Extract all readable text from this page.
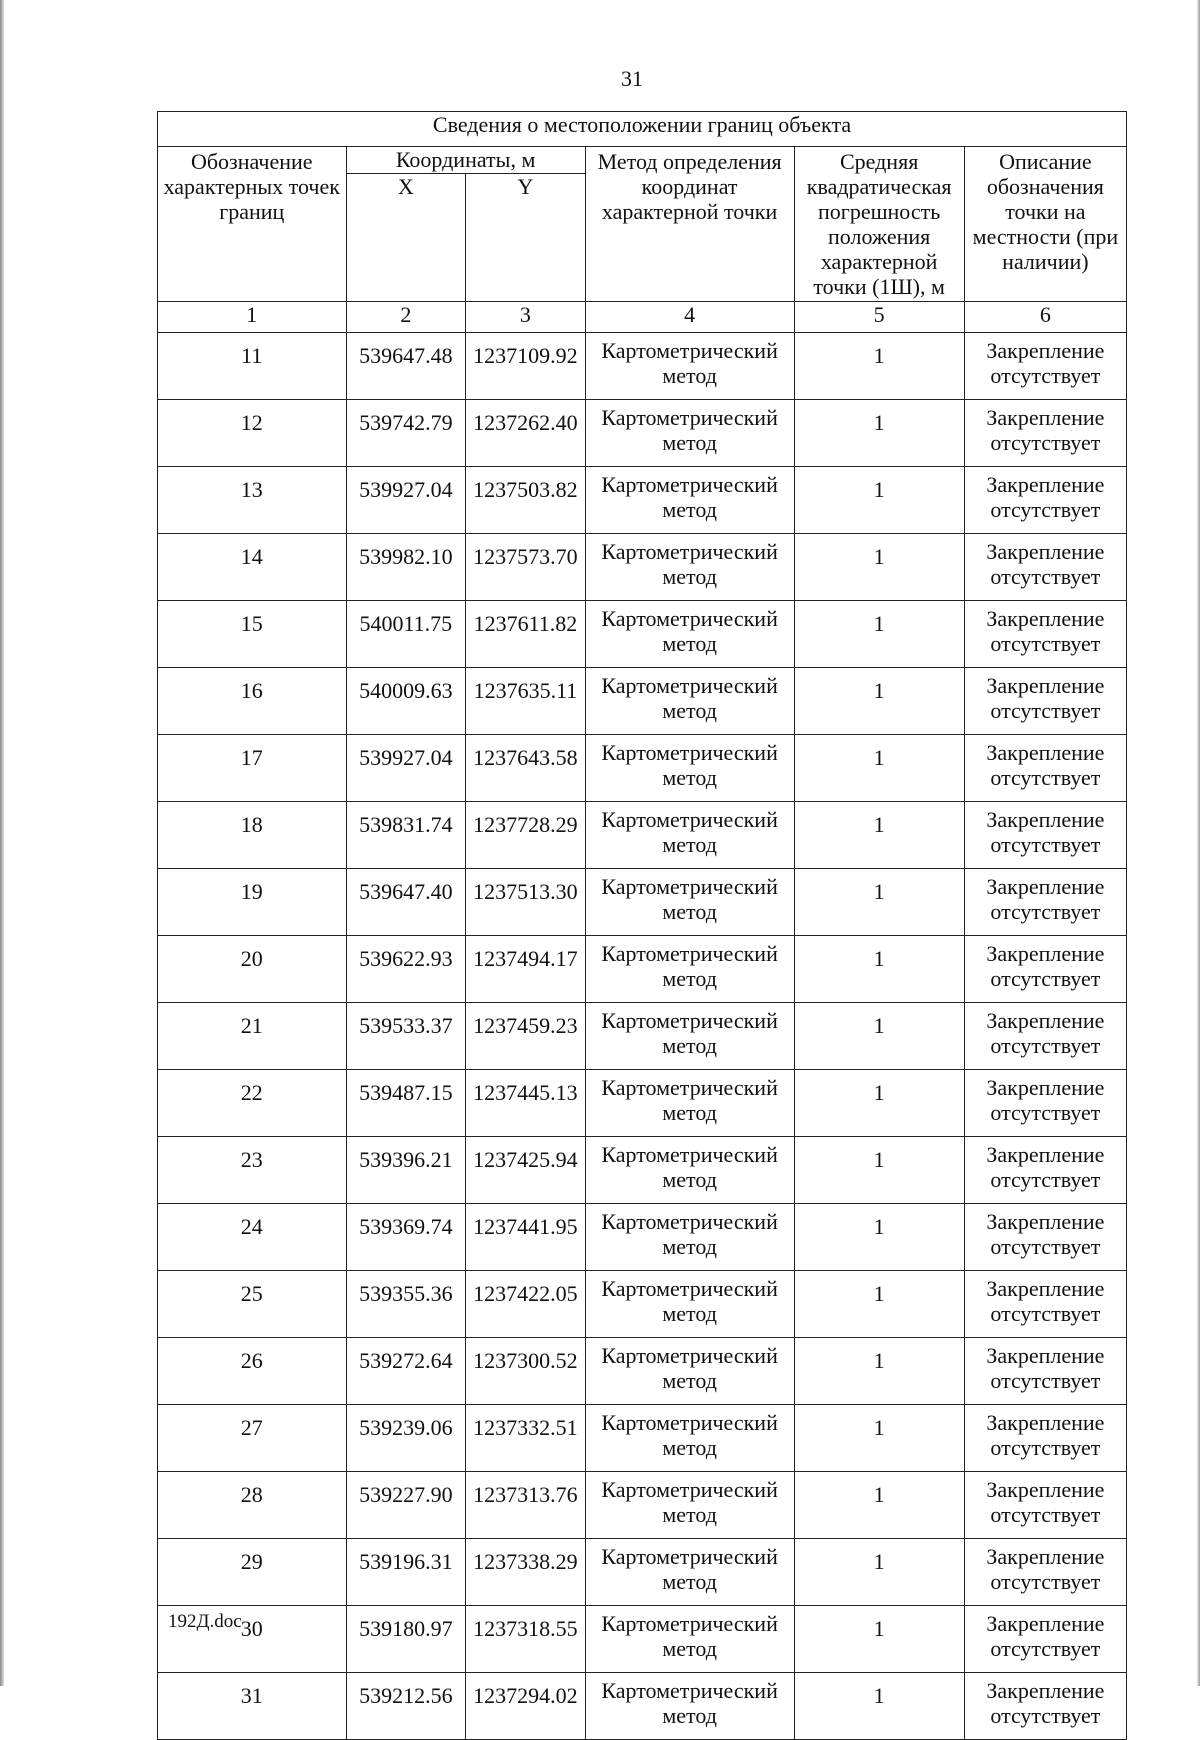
31
Сведения о местоположении границ объекта					
Обозначение характерных точек границ	Координаты, м		Метод определения координат характерной точки	Средняя квадратическая погрешность положения характерной точки (1Ш), м	Описание обозначения точки на местности (при наличии)
	X	Y			
1	2	3	4	5	6
11	539647.48	1237109.92	Картометрический метод	1	Закрепление отсутствует
12	539742.79	1237262.40	Картометрический метод	1	Закрепление отсутствует
13	539927.04	1237503.82	Картометрический метод	1	Закрепление отсутствует
14	539982.10	1237573.70	Картометрический метод	1	Закрепление отсутствует
15	540011.75	1237611.82	Картометрический метод	1	Закрепление отсутствует
16	540009.63	1237635.11	Картометрический метод	1	Закрепление отсутствует
17	539927.04	1237643.58	Картометрический метод	1	Закрепление отсутствует
18	539831.74	1237728.29	Картометрический метод	1	Закрепление отсутствует
19	539647.40	1237513.30	Картометрический метод	1	Закрепление отсутствует
20	539622.93	1237494.17	Картометрический метод	1	Закрепление отсутствует
21	539533.37	1237459.23	Картометрический метод	1	Закрепление отсутствует
22	539487.15	1237445.13	Картометрический метод	1	Закрепление отсутствует
23	539396.21	1237425.94	Картометрический метод	1	Закрепление отсутствует
24	539369.74	1237441.95	Картометрический метод	1	Закрепление отсутствует
25	539355.36	1237422.05	Картометрический метод	1	Закрепление отсутствует
26	539272.64	1237300.52	Картометрический метод	1	Закрепление отсутствует
27	539239.06	1237332.51	Картометрический метод	1	Закрепление отсутствует
28	539227.90	1237313.76	Картометрический метод	1	Закрепление отсутствует
29	539196.31	1237338.29	Картометрический метод	1	Закрепление отсутствует
30	539180.97	1237318.55	Картометрический метод	1	Закрепление отсутствует
31	539212.56	1237294.02	Картометрический метод	1	Закрепление отсутствует
192Д.doc
